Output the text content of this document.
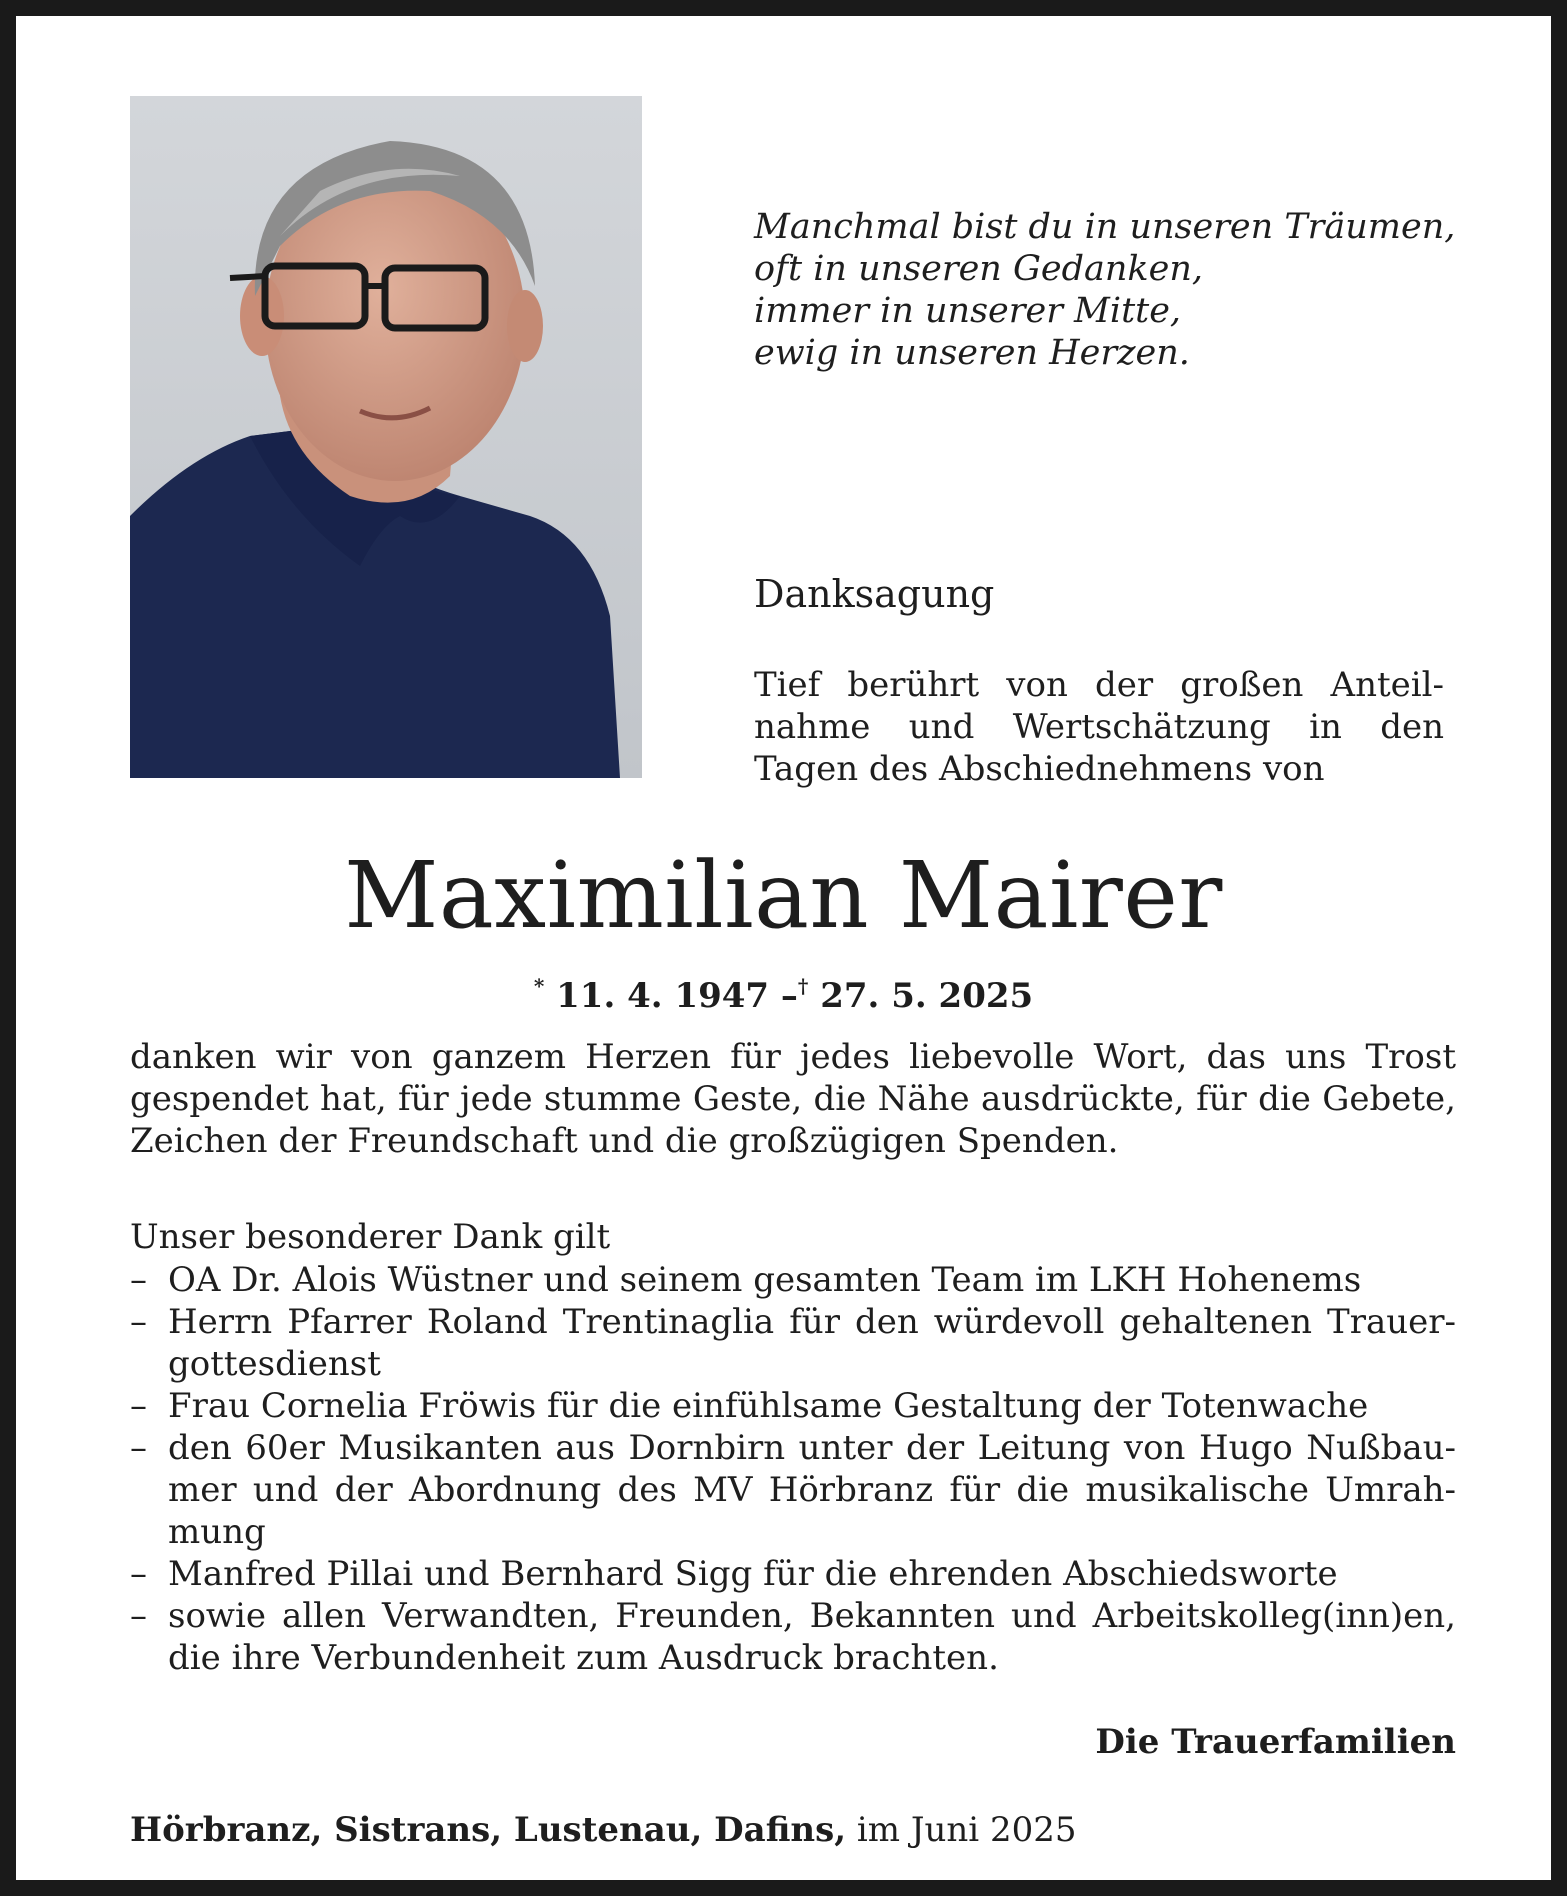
Manchmal bist du in unseren Träumen,
oft in unseren Gedanken,
immer in unserer Mitte,
ewig in unseren Herzen.
Danksagung
Tief berührt von der großen Anteil-
nahme und Wertschätzung in den
Tagen des Abschiednehmens von
Maximilian Mairer
* 11. 4. 1947 –† 27. 5. 2025
danken wir von ganzem Herzen für jedes liebevolle Wort, das uns Trost
gespendet hat, für jede stumme Geste, die Nähe ausdrückte, für die Gebete,
Zeichen der Freundschaft und die großzügigen Spenden.
Unser besonderer Dank gilt
– OA Dr. Alois Wüstner und seinem gesamten Team im LKH Hohenems
– Herrn Pfarrer Roland Trentinaglia für den würdevoll gehaltenen Trauer-
gottesdienst
– Frau Cornelia Fröwis für die einfühlsame Gestaltung der Totenwache
– den 60er Musikanten aus Dornbirn unter der Leitung von Hugo Nußbau-
mer und der Abordnung des MV Hörbranz für die musikalische Umrah-
mung
– Manfred Pillai und Bernhard Sigg für die ehrenden Abschiedsworte
– sowie allen Verwandten, Freunden, Bekannten und Arbeitskolleg(inn)en,
die ihre Verbundenheit zum Ausdruck brachten.
Die Trauerfamilien
Hörbranz, Sistrans, Lustenau, Dafins, im Juni 2025
